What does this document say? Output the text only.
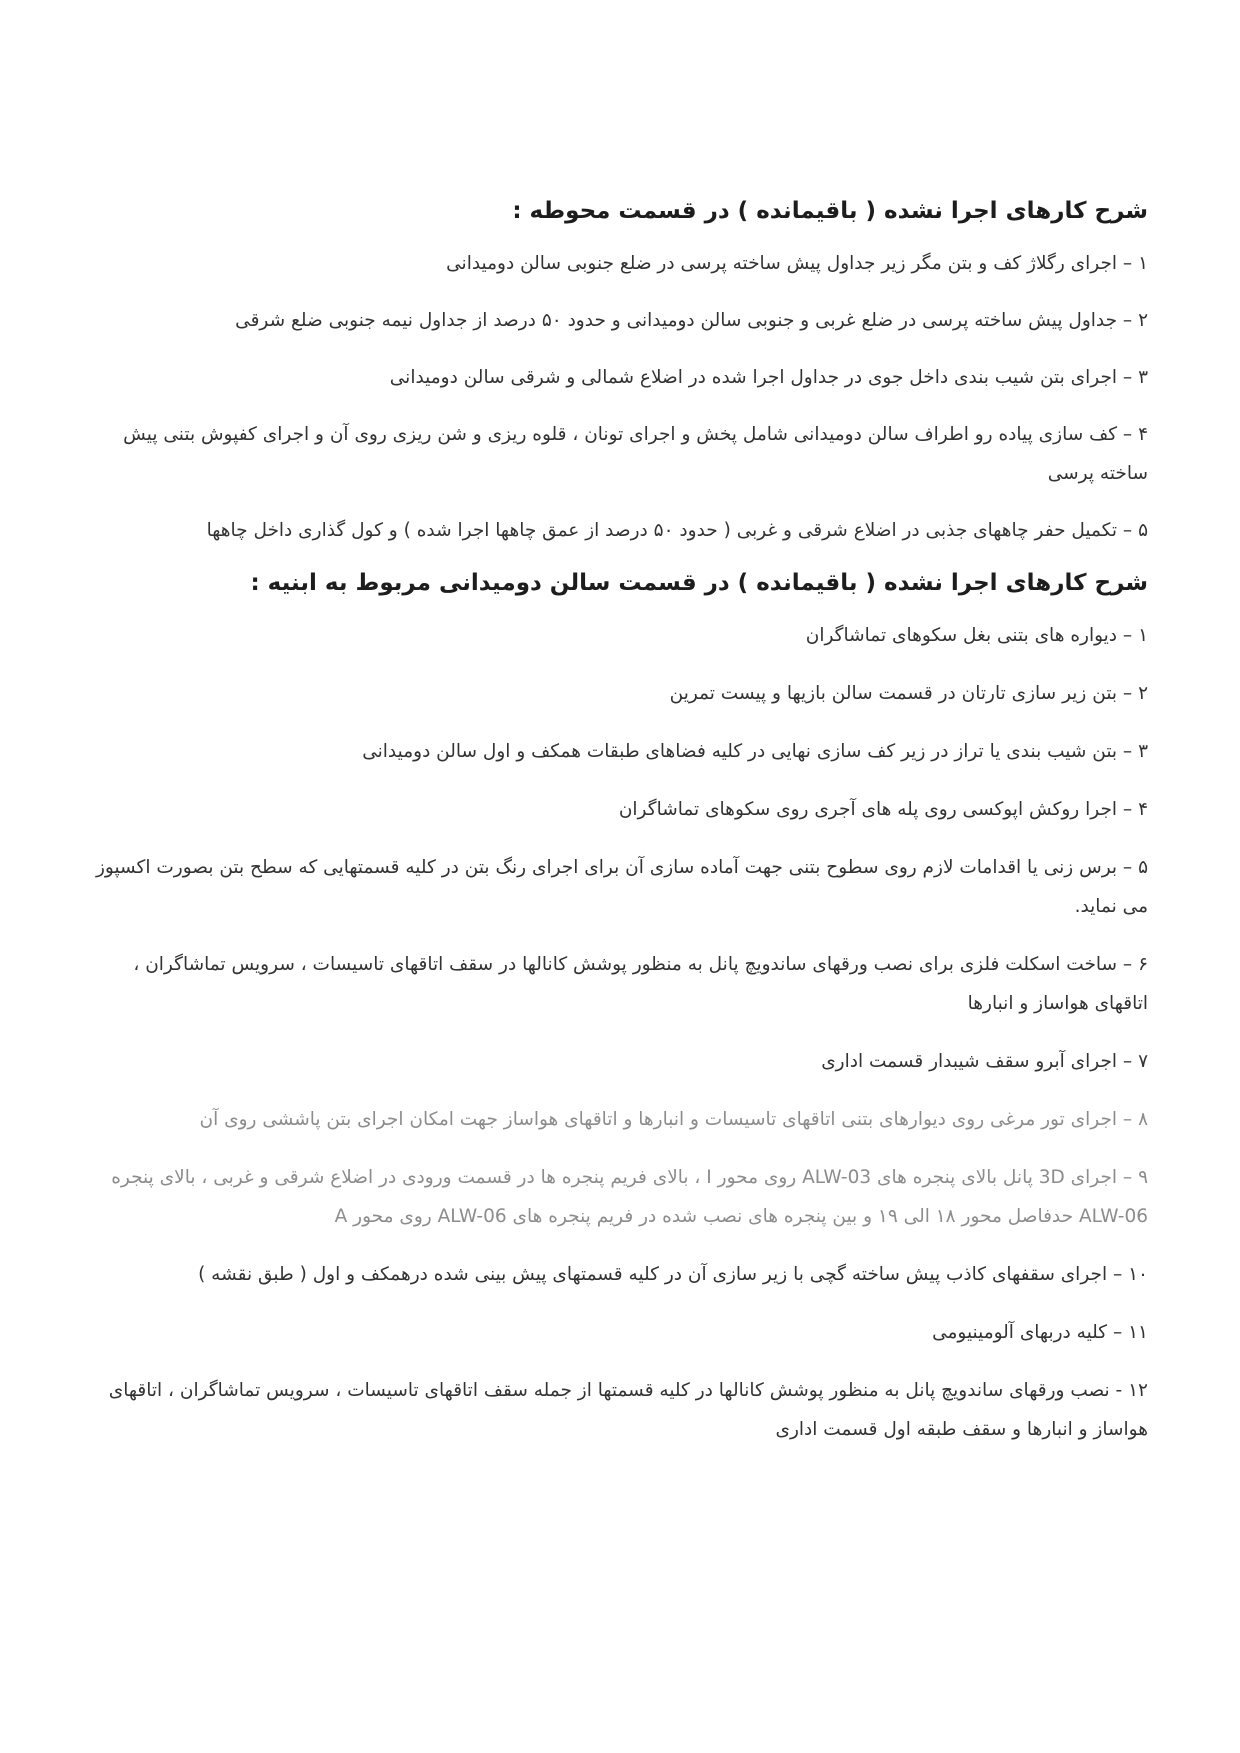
شرح کارهای اجرا نشده ( باقیمانده ) در قسمت محوطه :

۱ – اجرای رگلاژ کف و بتن مگر زیر جداول پیش ساخته پرسی در ضلع جنوبی سالن دومیدانی

۲ – جداول پیش ساخته پرسی در ضلع غربی و جنوبی سالن دومیدانی و حدود ۵۰ درصد از جداول نیمه جنوبی ضلع شرقی

۳ – اجرای بتن شیب بندی داخل جوی در جداول اجرا شده در اضلاع شمالی و شرقی سالن دومیدانی

۴ – کف سازی پیاده رو اطراف سالن دومیدانی شامل پخش و اجرای تونان ، قلوه ریزی و شن ریزی روی آن و اجرای کفپوش بتنی پیش ساخته پرسی

۵ – تکمیل حفر چاههای جذبی در اضلاع شرقی و غربی ( حدود ۵۰ درصد از عمق چاهها اجرا شده ) و کول گذاری داخل چاهها

شرح کارهای اجرا نشده ( باقیمانده ) در قسمت سالن دومیدانی مربوط به ابنیه :

۱ – دیواره های بتنی بغل سکوهای تماشاگران

۲ – بتن زیر سازی تارتان در قسمت سالن بازیها و پیست تمرین

۳ – بتن شیب بندی یا تراز در زیر کف سازی نهایی در کلیه فضاهای طبقات همکف و اول سالن دومیدانی

۴ – اجرا روکش اپوکسی روی پله های آجری روی سکوهای تماشاگران

۵ – برس زنی یا اقدامات لازم روی سطوح بتنی جهت آماده سازی آن برای اجرای رنگ بتن در کلیه قسمتهایی که سطح بتن بصورت اکسپوز می نماید.

۶ – ساخت اسکلت فلزی برای نصب ورقهای ساندویچ پانل به منظور پوشش کانالها در سقف اتاقهای تاسیسات ، سرویس تماشاگران ، اتاقهای هواساز و انبارها

۷ – اجرای آبرو سقف شیبدار قسمت اداری

۸ – اجرای تور مرغی روی دیوارهای بتنی اتاقهای تاسیسات و انبارها و اتاقهای هواساز جهت امکان اجرای بتن پاششی روی آن

۹ – اجرای 3D پانل بالای پنجره های ALW-03 روی محور I ، بالای فریم پنجره ها در قسمت ورودی در اضلاع شرقی و غربی ، بالای پنجره ALW-06 حدفاصل محور ۱۸ الی ۱۹ و بین پنجره های نصب شده در فریم پنجره های ALW-06 روی محور A

۱۰ – اجرای سقفهای کاذب پیش ساخته گچی با زیر سازی آن در کلیه قسمتهای پیش بینی شده درهمکف و اول ( طبق نقشه )

۱۱ – کلیه دربهای آلومینیومی

۱۲ - نصب ورقهای ساندویچ پانل به منظور پوشش کانالها در کلیه قسمتها از جمله سقف اتاقهای تاسیسات ، سرویس تماشاگران ، اتاقهای هواساز و انبارها و سقف طبقه اول قسمت اداری
